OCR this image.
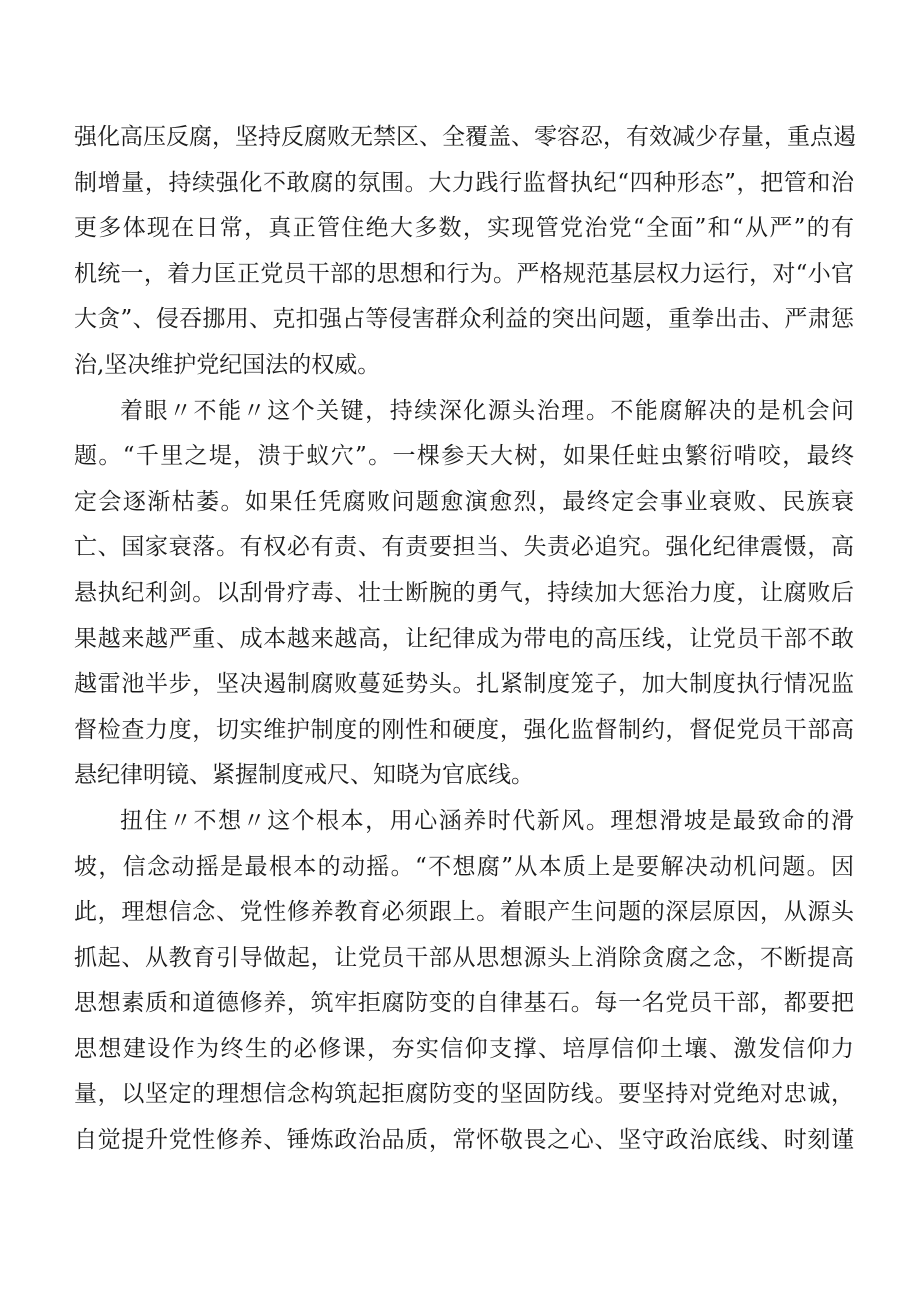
强化高压反腐，坚持反腐败无禁区、全覆盖、零容忍，有效减少存量，重点遏
制增量，持续强化不敢腐的氛围。大力践行监督执纪“四种形态”，把管和治
更多体现在日常，真正管住绝大多数，实现管党治党“全面”和“从严”的有
机统一，着力匡正党员干部的思想和行为。严格规范基层权力运行，对“小官
大贪”、侵吞挪用、克扣强占等侵害群众利益的突出问题，重拳出击、严肃惩
治,坚决维护党纪国法的权威。
着眼〃不能〃这个关键，持续深化源头治理。不能腐解决的是机会问
题。“千里之堤，溃于蚁穴”。一棵参天大树，如果任蛀虫繁衍啃咬，最终
定会逐渐枯萎。如果任凭腐败问题愈演愈烈，最终定会事业衰败、民族衰
亡、国家衰落。有权必有责、有责要担当、失责必追究。强化纪律震慑，高
悬执纪利剑。以刮骨疗毒、壮士断腕的勇气，持续加大惩治力度，让腐败后
果越来越严重、成本越来越高，让纪律成为带电的高压线，让党员干部不敢
越雷池半步，坚决遏制腐败蔓延势头。扎紧制度笼子，加大制度执行情况监
督检查力度，切实维护制度的刚性和硬度，强化监督制约，督促党员干部高
悬纪律明镜、紧握制度戒尺、知晓为官底线。
扭住〃不想〃这个根本，用心涵养时代新风。理想滑坡是最致命的滑
坡，信念动摇是最根本的动摇。“不想腐”从本质上是要解决动机问题。因
此，理想信念、党性修养教育必须跟上。着眼产生问题的深层原因，从源头
抓起、从教育引导做起，让党员干部从思想源头上消除贪腐之念，不断提高
思想素质和道德修养，筑牢拒腐防变的自律基石。每一名党员干部，都要把
思想建设作为终生的必修课，夯实信仰支撑、培厚信仰土壤、激发信仰力
量，以坚定的理想信念构筑起拒腐防变的坚固防线。要坚持对党绝对忠诚，
自觉提升党性修养、锤炼政治品质，常怀敬畏之心、坚守政治底线、时刻谨
